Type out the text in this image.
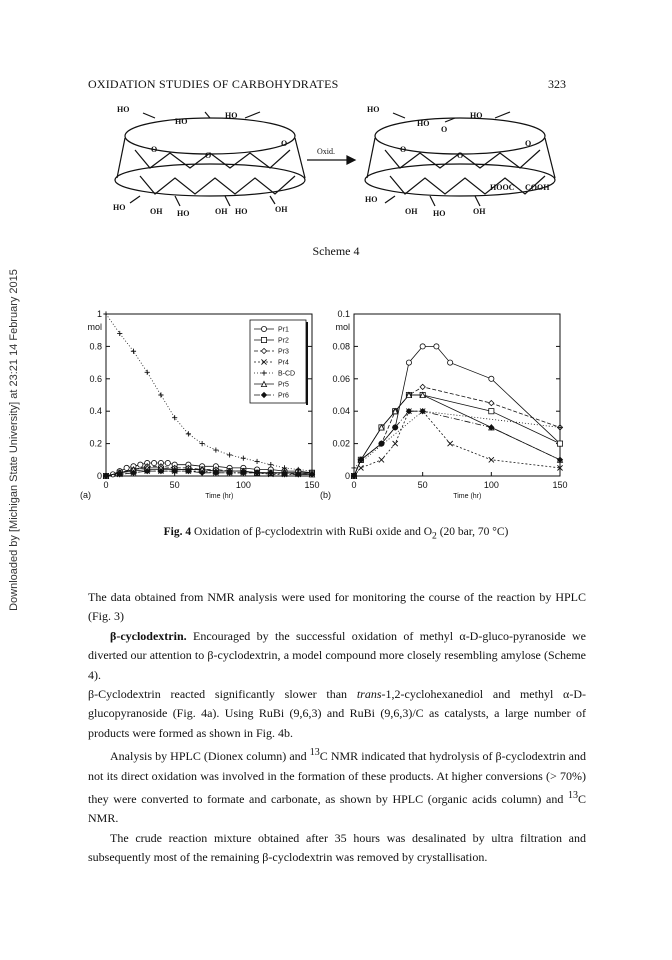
OXIDATION STUDIES OF CARBOHYDRATES	323
Downloaded by [Michigan State University] at 23:21 14 February 2015
HO
HO
HO
O
O
O
HO	OH HO	OH HO	OH
Oxid.
HO
HO
O
HO
O
O
O
HOOC COOH
HO
OH HO	OH
Scheme 4
0
0.2
0.4
0.6
0.8
1
0	50	100	150
mol
Time (hr)
(a)
Pr1
Pr2
Pr3
Pr4
B-CD
Pr5
Pr6
0
0.02
0.04
0.06
0.08
0.1
0	50	100	150
mol
Time (hr)
(b)
Fig. 4 Oxidation of β-cyclodextrin with RuBi oxide and $O_2$ (20 bar, 70 °C)

The data obtained from NMR analysis were used for monitoring the course of the reaction by HPLC (Fig. 3)

β-cyclodextrin. Encouraged by the successful oxidation of methyl α-D-gluco-pyranoside we diverted our attention to β-cyclodextrin, a model compound more closely resembling amylose (Scheme 4).

β-Cyclodextrin reacted significantly slower than trans-1,2-cyclohexanediol and methyl α-D-glucopyranoside (Fig. 4a). Using RuBi (9,6,3) and RuBi (9,6,3)/C as catalysts, a large number of products were formed as shown in Fig. 4b.

Analysis by HPLC (Dionex column) and $^{13}$C NMR indicated that hydrolysis of β-cyclodextrin and not its direct oxidation was involved in the formation of these products. At higher conversions (> 70%) they were converted to formate and carbonate, as shown by HPLC (organic acids column) and $^{13}$C NMR.

The crude reaction mixture obtained after 35 hours was desalinated by ultra filtration and subsequently most of the remaining β-cyclodextrin was removed by crystallisation.
